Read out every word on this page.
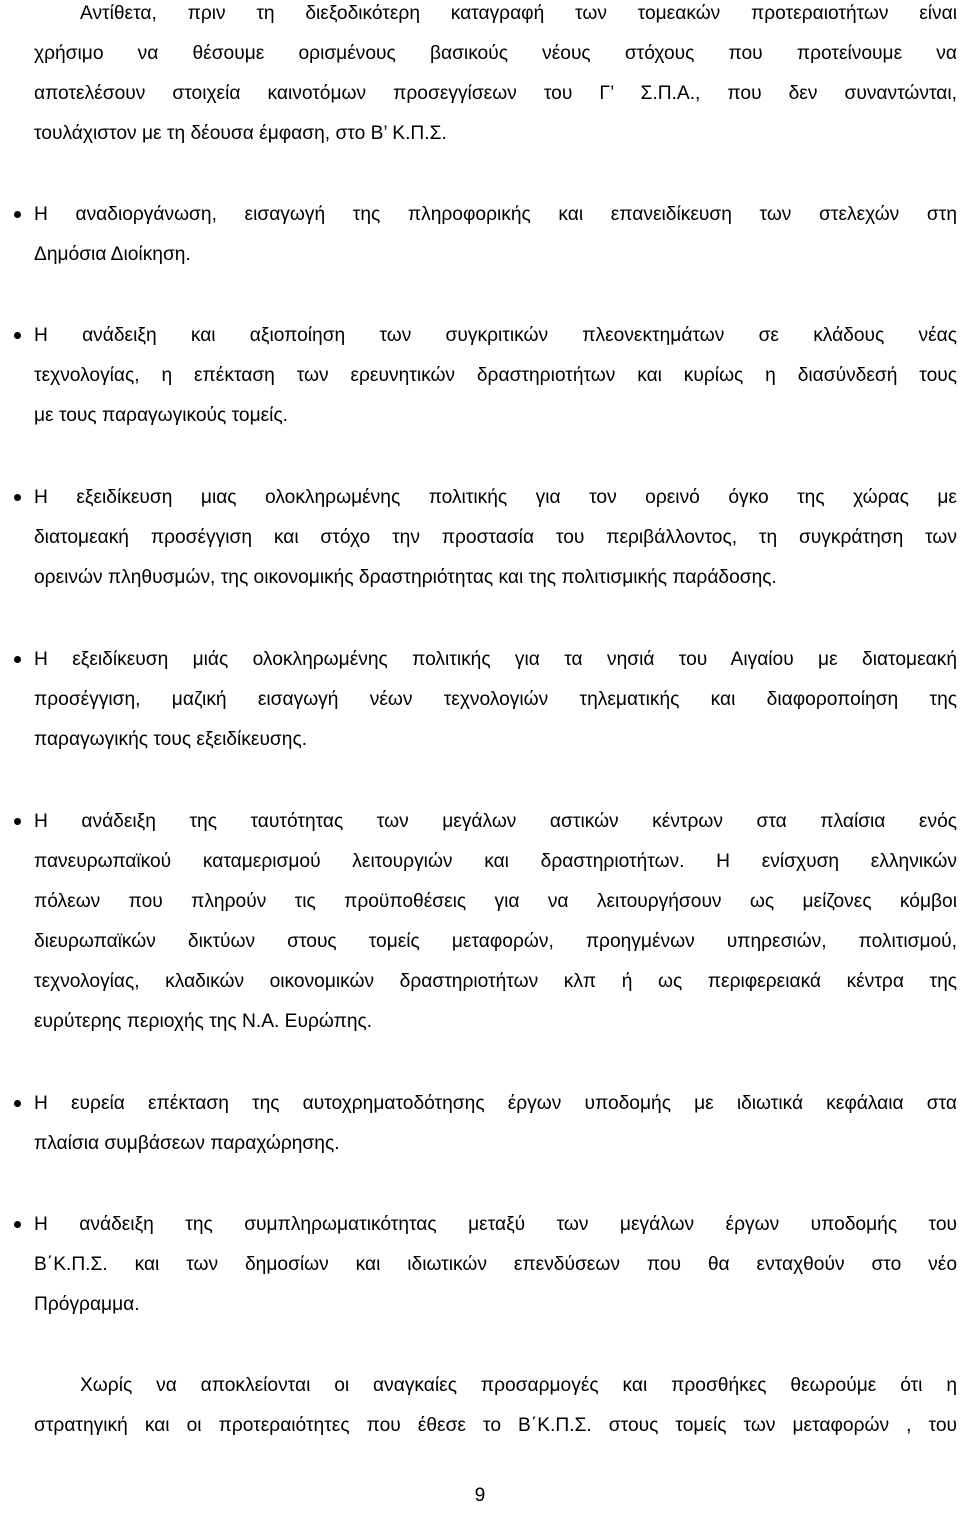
Αντίθετα, πριν τη διεξοδικότερη καταγραφή των τομεακών προτεραιοτήτων είναι
χρήσιμο να θέσουμε ορισμένους βασικούς νέους στόχους που προτείνουμε να
αποτελέσουν στοιχεία καινοτόμων προσεγγίσεων του Γ’ Σ.Π.Α., που δεν συναντώνται,
τουλάχιστον με τη δέουσα έμφαση, στο Β’ Κ.Π.Σ.
Η αναδιοργάνωση, εισαγωγή της πληροφορικής και επανειδίκευση των στελεχών στη
Δημόσια Διοίκηση.
Η ανάδειξη και αξιοποίηση των συγκριτικών πλεονεκτημάτων σε κλάδους νέας
τεχνολογίας, η επέκταση των ερευνητικών δραστηριοτήτων και κυρίως η διασύνδεσή τους
με τους παραγωγικούς τομείς.
Η εξειδίκευση μιας ολοκληρωμένης πολιτικής για τον ορεινό όγκο της χώρας με
διατομεακή προσέγγιση και στόχο την προστασία του περιβάλλοντος, τη συγκράτηση των
ορεινών πληθυσμών, της οικονομικής δραστηριότητας και της πολιτισμικής παράδοσης.
Η εξειδίκευση μιάς ολοκληρωμένης πολιτικής για τα νησιά του Αιγαίου με διατομεακή
προσέγγιση, μαζική εισαγωγή νέων τεχνολογιών τηλεματικής και διαφοροποίηση της
παραγωγικής τους εξειδίκευσης.
Η ανάδειξη της ταυτότητας των μεγάλων αστικών κέντρων στα πλαίσια ενός
πανευρωπαϊκού καταμερισμού λειτουργιών και δραστηριοτήτων. Η ενίσχυση ελληνικών
πόλεων που πληρούν τις προϋποθέσεις για να λειτουργήσουν ως μείζονες κόμβοι
διευρωπαϊκών δικτύων στους τομείς μεταφορών, προηγμένων υπηρεσιών, πολιτισμού,
τεχνολογίας, κλαδικών οικονομικών δραστηριοτήτων κλπ ή ως περιφερειακά κέντρα της
ευρύτερης περιοχής της Ν.Α. Ευρώπης.
Η ευρεία επέκταση της αυτοχρηματοδότησης έργων υποδομής με ιδιωτικά κεφάλαια στα
πλαίσια συμβάσεων παραχώρησης.
Η ανάδειξη της συμπληρωματικότητας μεταξύ των μεγάλων έργων υποδομής του
Β΄Κ.Π.Σ. και των δημοσίων και ιδιωτικών επενδύσεων που θα ενταχθούν στο νέο
Πρόγραμμα.
Χωρίς να αποκλείονται οι αναγκαίες προσαρμογές και προσθήκες θεωρούμε ότι η
στρατηγική και οι προτεραιότητες που έθεσε το Β΄Κ.Π.Σ. στους τομείς των μεταφορών , του
9
